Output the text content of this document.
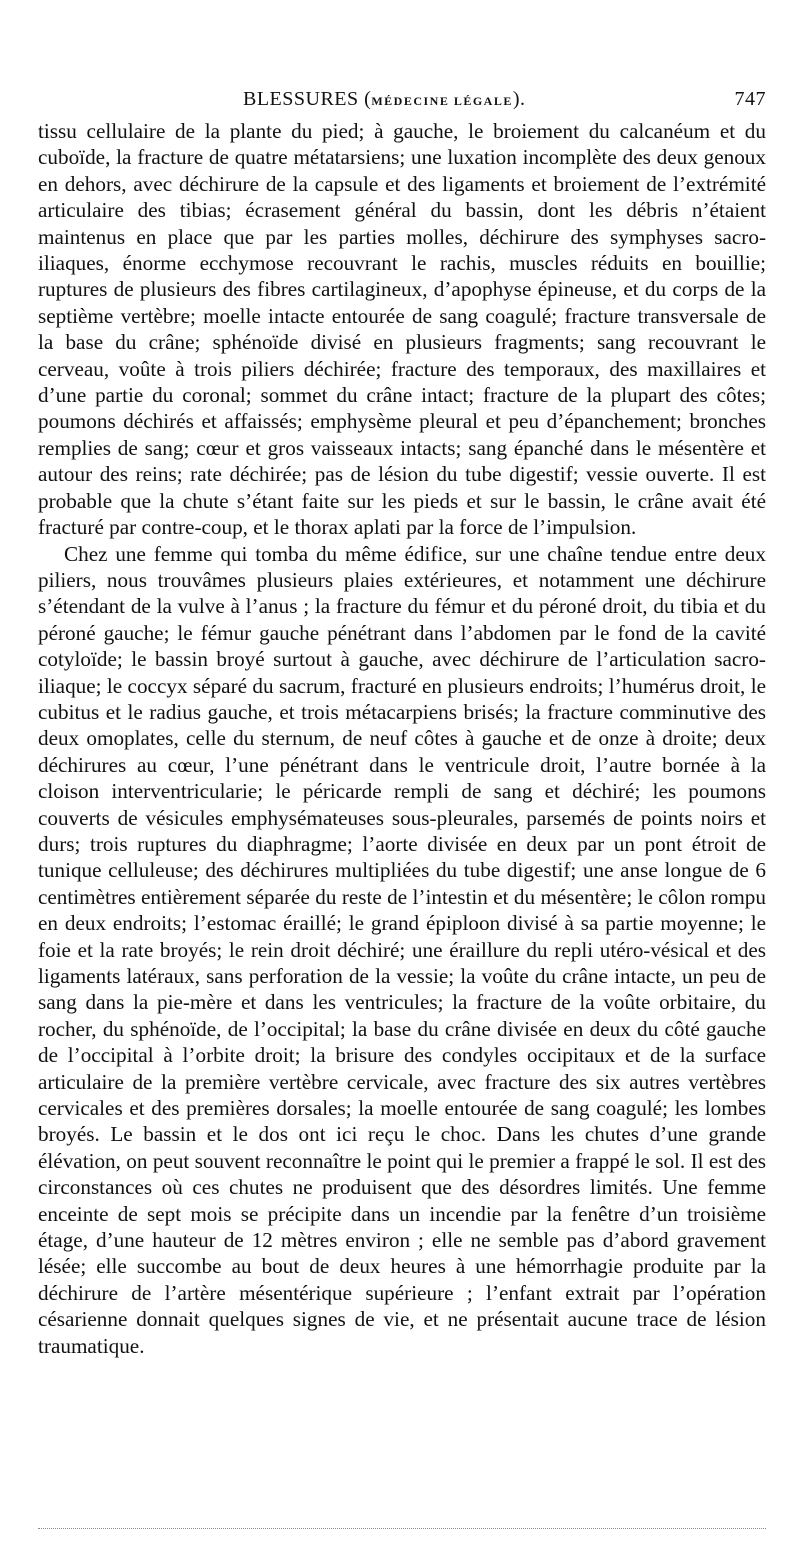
BLESSURES (MÉDECINE LÉGALE).	747

tissu cellulaire de la plante du pied; à gauche, le broiement du calcanéum et du cuboïde, la fracture de quatre métatarsiens; une luxation incomplète des deux genoux en dehors, avec déchirure de la capsule et des ligaments et broiement de l’extrémité articulaire des tibias; écrasement général du bassin, dont les débris n’étaient maintenus en place que par les parties molles, déchirure des symphyses sacro-iliaques, énorme ecchymose recouvrant le rachis, muscles réduits en bouillie; ruptures de plusieurs des fibres cartilagineux, d’apophyse épineuse, et du corps de la septième vertèbre; moelle intacte entourée de sang coagulé; fracture transversale de la base du crâne; sphénoïde divisé en plusieurs fragments; sang recouvrant le cerveau, voûte à trois piliers déchirée; fracture des temporaux, des maxillaires et d’une partie du coronal; sommet du crâne intact; fracture de la plupart des côtes; poumons déchirés et affaissés; emphysème pleural et peu d’épanchement; bronches remplies de sang; cœur et gros vaisseaux intacts; sang épanché dans le mésentère et autour des reins; rate déchirée; pas de lésion du tube digestif; vessie ouverte. Il est probable que la chute s’étant faite sur les pieds et sur le bassin, le crâne avait été fracturé par contre-coup, et le thorax aplati par la force de l’impulsion.

Chez une femme qui tomba du même édifice, sur une chaîne tendue entre deux piliers, nous trouvâmes plusieurs plaies extérieures, et notamment une déchirure s’étendant de la vulve à l’anus ; la fracture du fémur et du péroné droit, du tibia et du péroné gauche; le fémur gauche pénétrant dans l’abdomen par le fond de la cavité cotyloïde; le bassin broyé surtout à gauche, avec déchirure de l’articulation sacro-iliaque; le coccyx séparé du sacrum, fracturé en plusieurs endroits; l’humérus droit, le cubitus et le radius gauche, et trois métacarpiens brisés; la fracture comminutive des deux omoplates, celle du sternum, de neuf côtes à gauche et de onze à droite; deux déchirures au cœur, l’une pénétrant dans le ventricule droit, l’autre bornée à la cloison interventricularie; le péricarde rempli de sang et déchiré; les poumons couverts de vésicules emphysémateuses sous-pleurales, parsemés de points noirs et durs; trois ruptures du diaphragme; l’aorte divisée en deux par un pont étroit de tunique celluleuse; des déchirures multipliées du tube digestif; une anse longue de 6 centimètres entièrement séparée du reste de l’intestin et du mésentère; le côlon rompu en deux endroits; l’estomac éraillé; le grand épiploon divisé à sa partie moyenne; le foie et la rate broyés; le rein droit déchiré; une éraillure du repli utéro-vésical et des ligaments latéraux, sans perforation de la vessie; la voûte du crâne intacte, un peu de sang dans la pie-mère et dans les ventricules; la fracture de la voûte orbitaire, du rocher, du sphénoïde, de l’occipital; la base du crâne divisée en deux du côté gauche de l’occipital à l’orbite droit; la brisure des condyles occipitaux et de la surface articulaire de la première vertèbre cervicale, avec fracture des six autres vertèbres cervicales et des premières dorsales; la moelle entourée de sang coagulé; les lombes broyés. Le bassin et le dos ont ici reçu le choc. Dans les chutes d’une grande élévation, on peut souvent reconnaître le point qui le premier a frappé le sol. Il est des circonstances où ces chutes ne produisent que des désordres limités. Une femme enceinte de sept mois se précipite dans un incendie par la fenêtre d’un troisième étage, d’une hauteur de 12 mètres environ ; elle ne semble pas d’abord gravement lésée; elle succombe au bout de deux heures à une hémorrhagie produite par la déchirure de l’artère mésentérique supérieure ; l’enfant extrait par l’opération césarienne donnait quelques signes de vie, et ne présentait aucune trace de lésion traumatique.
